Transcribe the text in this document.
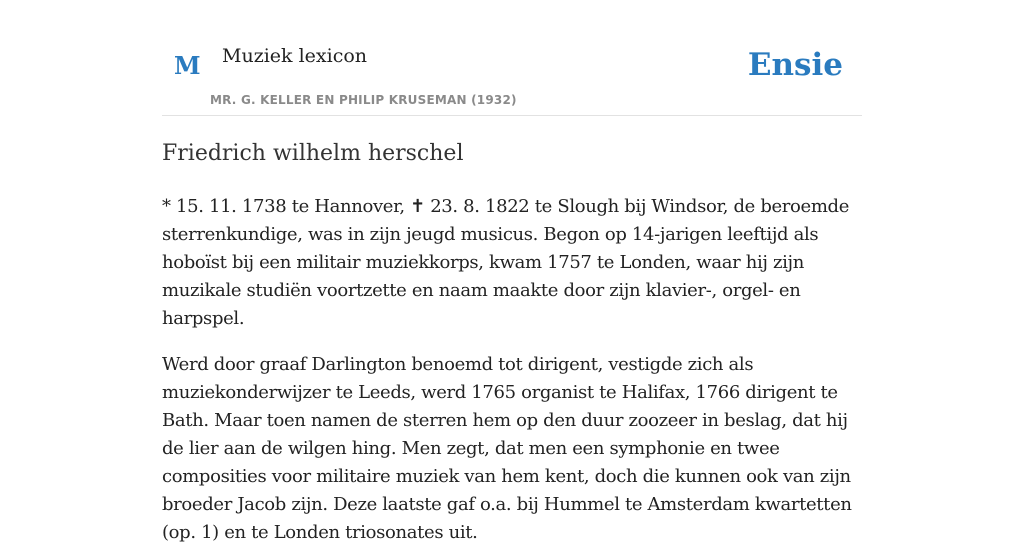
M Muziek lexicon
MR. G. KELLER EN PHILIP KRUSEMAN (1932)
Ensie
Friedrich wilhelm herschel

* 15. 11. 1738 te Hannover, ✝ 23. 8. 1822 te Slough bij Windsor, de beroemde sterrenkundige, was in zijn jeugd musicus. Begon op 14-jarigen leeftijd als hoboïst bij een militair muziekkorps, kwam 1757 te Londen, waar hij zijn muzikale studiën voortzette en naam maakte door zijn klavier-, orgel- en harpspel.

Werd door graaf Darlington benoemd tot dirigent, vestigde zich als muziekonderwijzer te Leeds, werd 1765 organist te Halifax, 1766 dirigent te Bath. Maar toen namen de sterren hem op den duur zoozeer in beslag, dat hij de lier aan de wilgen hing. Men zegt, dat men een symphonie en twee composities voor militaire muziek van hem kent, doch die kunnen ook van zijn broeder Jacob zijn. Deze laatste gaf o.a. bij Hummel te Amsterdam kwartetten (op. 1) en te Londen triosonates uit.
